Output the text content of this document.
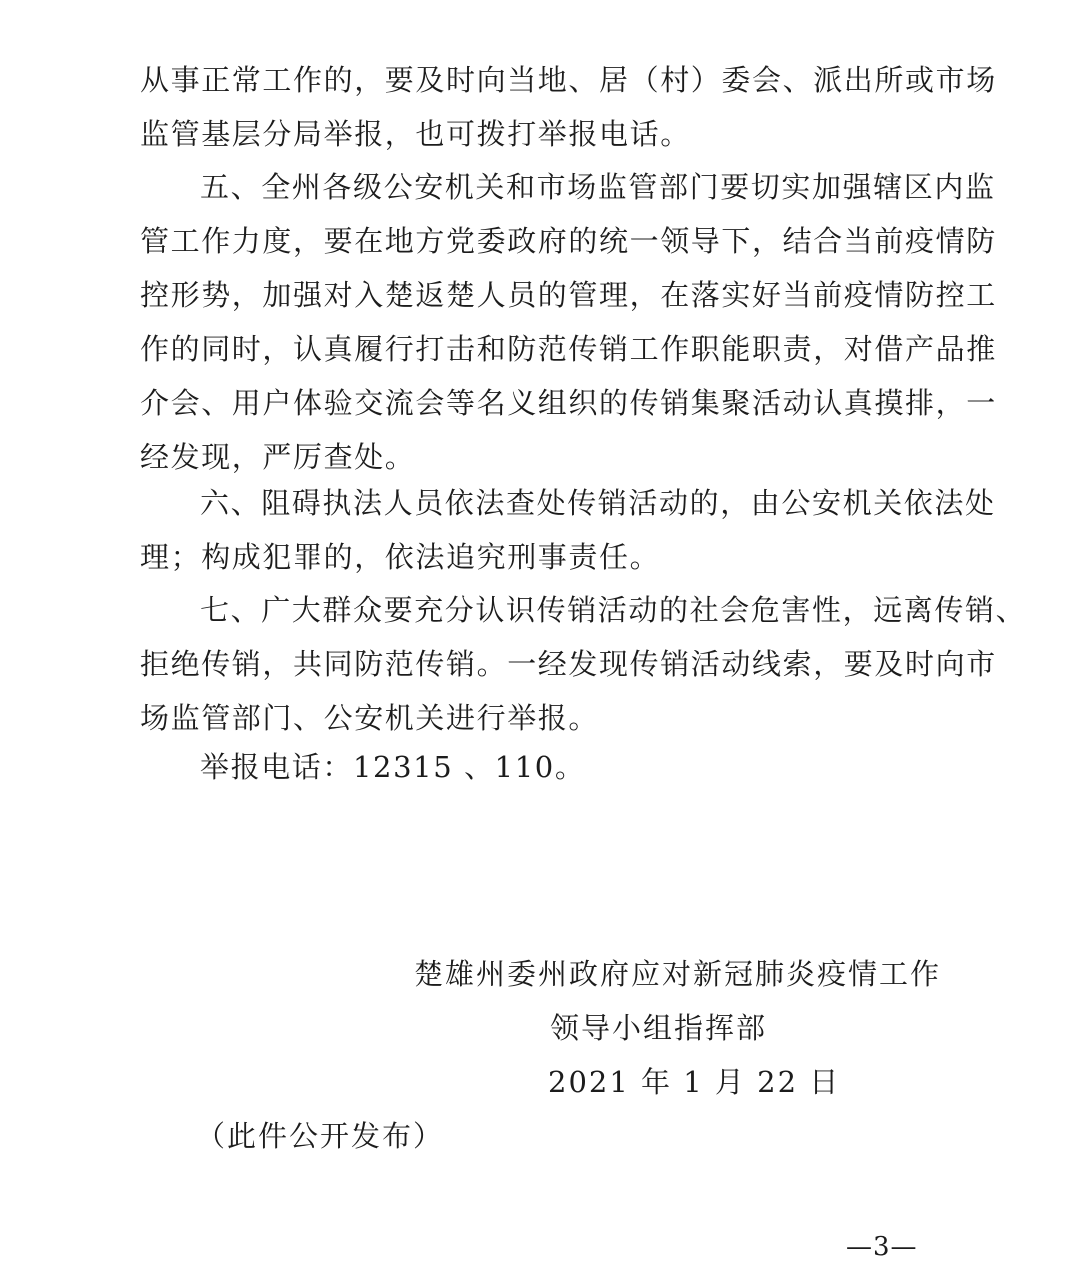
从事正常工作的，要及时向当地、居（村）委会、派出所或市场
监管基层分局举报，也可拨打举报电话。
五、全州各级公安机关和市场监管部门要切实加强辖区内监
管工作力度，要在地方党委政府的统一领导下，结合当前疫情防
控形势，加强对入楚返楚人员的管理，在落实好当前疫情防控工
作的同时，认真履行打击和防范传销工作职能职责，对借产品推
介会、用户体验交流会等名义组织的传销集聚活动认真摸排，一
经发现，严厉查处。
六、阻碍执法人员依法查处传销活动的，由公安机关依法处
理；构成犯罪的，依法追究刑事责任。
七、广大群众要充分认识传销活动的社会危害性，远离传销、
拒绝传销，共同防范传销。一经发现传销活动线索，要及时向市
场监管部门、公安机关进行举报。
举报电话：12315 、110。
楚雄州委州政府应对新冠肺炎疫情工作
领导小组指挥部
2021 年 1 月 22 日
（此件公开发布）
—3—
